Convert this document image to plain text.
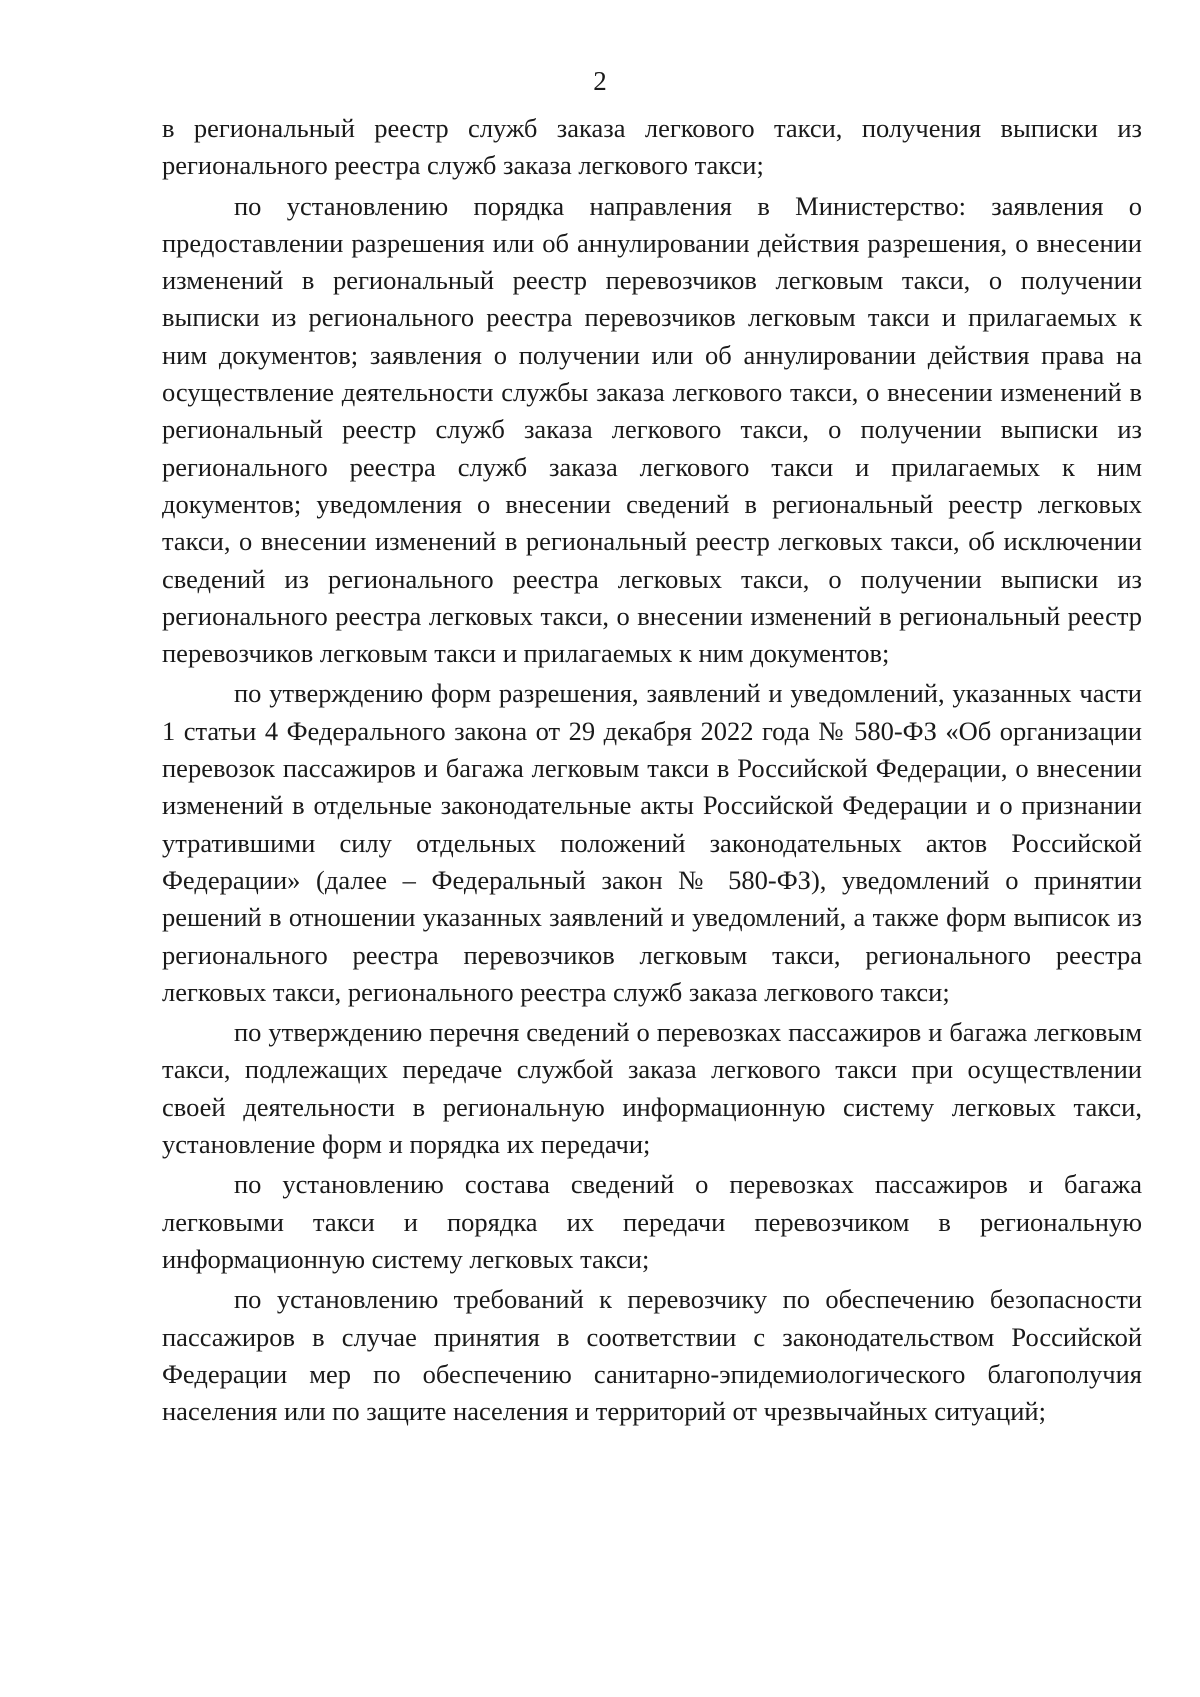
2

в региональный реестр служб заказа легкового такси, получения выписки из регионального реестра служб заказа легкового такси;

по установлению порядка направления в Министерство: заявления о предоставлении разрешения или об аннулировании действия разрешения, о внесении изменений в региональный реестр перевозчиков легковым такси, о получении выписки из регионального реестра перевозчиков легковым такси и прилагаемых к ним документов; заявления о получении или об аннулировании действия права на осуществление деятельности службы заказа легкового такси, о внесении изменений в региональный реестр служб заказа легкового такси, о получении выписки из регионального реестра служб заказа легкового такси и прилагаемых к ним документов; уведомления о внесении сведений в региональный реестр легковых такси, о внесении изменений в региональный реестр легковых такси, об исключении сведений из регионального реестра легковых такси, о получении выписки из регионального реестра легковых такси, о внесении изменений в региональный реестр перевозчиков легковым такси и прилагаемых к ним документов;

по утверждению форм разрешения, заявлений и уведомлений, указанных части 1 статьи 4 Федерального закона от 29 декабря 2022 года № 580-ФЗ «Об организации перевозок пассажиров и багажа легковым такси в Российской Федерации, о внесении изменений в отдельные законодательные акты Российской Федерации и о признании утратившими силу отдельных положений законодательных актов Российской Федерации» (далее – Федеральный закон № 580-ФЗ), уведомлений о принятии решений в отношении указанных заявлений и уведомлений, а также форм выписок из регионального реестра перевозчиков легковым такси, регионального реестра легковых такси, регионального реестра служб заказа легкового такси;

по утверждению перечня сведений о перевозках пассажиров и багажа легковым такси, подлежащих передаче службой заказа легкового такси при осуществлении своей деятельности в региональную информационную систему легковых такси, установление форм и порядка их передачи;

по установлению состава сведений о перевозках пассажиров и багажа легковыми такси и порядка их передачи перевозчиком в региональную информационную систему легковых такси;

по установлению требований к перевозчику по обеспечению безопасности пассажиров в случае принятия в соответствии с законодательством Российской Федерации мер по обеспечению санитарно-эпидемиологического благополучия населения или по защите населения и территорий от чрезвычайных ситуаций;
